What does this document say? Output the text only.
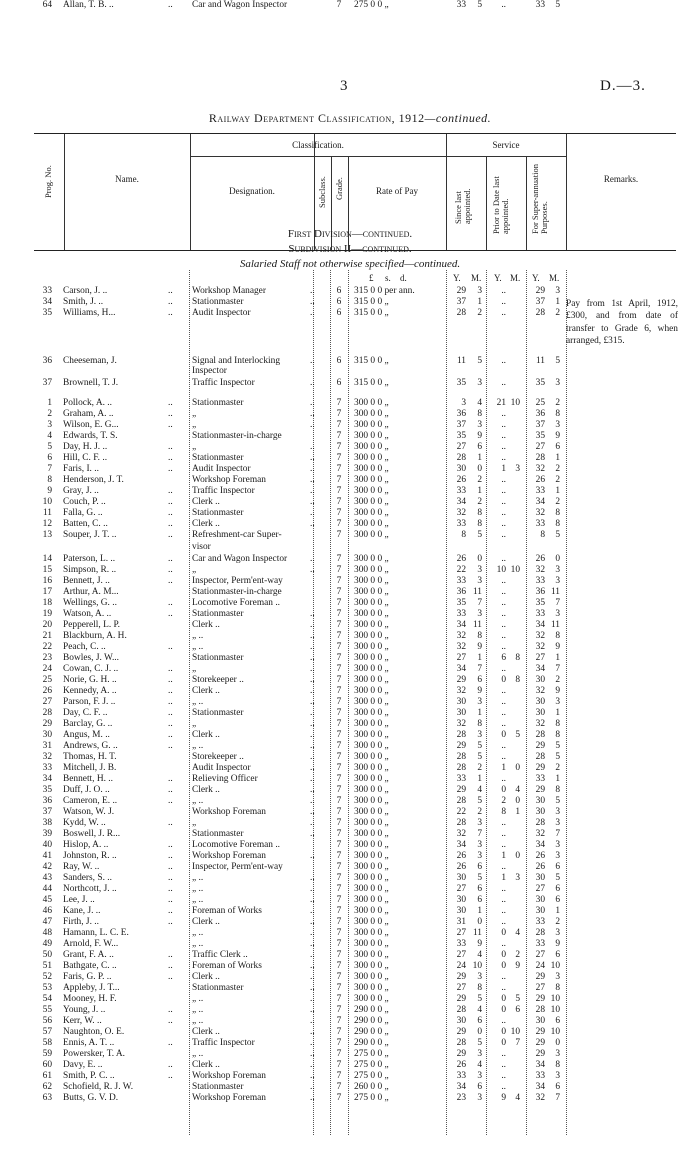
3	D.—3.
Railway Department Classification, 1912—continued.
Classification.	Service
Name.
Designation.	Rate of Pay
Remarks.
Prog. No.	Subclass. Grade.
Since last appointed. Prior to Date last appointed. For Super-annuation Purposes.
First Division—continued.
Subdivision II—continued.
Salaried Staff not otherwise specified—continued.
£ s. d.	Y. M. Y. M. Y. M.
33 Carson, J. ..	.. Workshop Manager	..	6	315 0 0 per ann.	29	3	..	29	3
34 Smith, J. ..	.. Stationmaster	..	6	315 0 0 „	37	1	..	37	1
35 Williams, H...	.. Audit Inspector	..	6	315 0 0 „	28	2	..	28	2
36 Cheeseman, J.	Signal and Interlocking	..	6	315 0 0 „	11	5	..	11	5
Inspector
37 Brownell, T. J.	Traffic Inspector	..	6	315 0 0 „	35	3	..	35	3
1 Pollock, A. ..	.. Stationmaster	..	7	300 0 0 „	3	4	21 10	25	2
2 Graham, A. ..	.. „	..	7	300 0 0 „	36	8	..	36	8
3 Wilson, E. G...	.. „	..	7	300 0 0 „	37	3	..	37	3
4 Edwards, T. S.	Stationmaster-in-charge	7	300 0 0 „	35	9	..	35	9
5 Day, H. J. ..	.. „	..	7	300 0 0 „	27	6	..	27	6
6 Hill, C. F. ..	.. Stationmaster	..	7	300 0 0 „	28	1	..	28	1
7 Faris, I. ..	.. Audit Inspector	..	7	300 0 0 „	30	0	1 3	32	2
8 Henderson, J. T.	Workshop Foreman	..	7	300 0 0 „	26	2	..	26	2
9 Gray, J. ..	.. Traffic Inspector	..	7	300 0 0 „	33	1	..	33	1
10 Couch, P. ..	.. Clerk ..	..	7	300 0 0 „	34	2	..	34	2
11 Falla, G. ..	.. Stationmaster	..	7	300 0 0 „	32	8	..	32	8
12 Batten, C. ..	.. Clerk ..	..	7	300 0 0 „	33	8	..	33	8
13 Souper, J. T. ..	.. Refreshment-car Super-	7	300 0 0 „	8	5	..	8	5
visor
14 Paterson, L. ..	.. Car and Wagon Inspector ..	7	300 0 0 „	26	0	..	26	0
15 Simpson, R. ..	.. „	..	7	300 0 0 „	22	3	10 10	32	3
16 Bennett, J. ..	.. Inspector, Perm'ent-way	7	300 0 0 „	33	3	..	33	3
17 Arthur, A. M...	Stationmaster-in-charge	7	300 0 0 „	36 11	..	36 11
18 Wellings, G. ..	.. Locomotive Foreman ..	7	300 0 0 „	35	7	..	35	7
19 Watson, A. ..	.. Stationmaster	..	7	300 0 0 „	33	3	..	33	3
20 Pepperell, L. P.	Clerk ..	..	7	300 0 0 „	34 11	..	34 11
21 Blackburn, A. H.	„ ..	..	7	300 0 0 „	32	8	..	32	8
22 Peach, C. ..	.. „ ..	..	7	300 0 0 „	32	9	..	32	9
23 Bowles, J. W...	Stationmaster	..	7	300 0 0 „	27	1	6 8	27	1
24 Cowan, C. J. ..	.. „	..	7	300 0 0 „	34	7	..	34	7
25 Norie, G. H. ..	.. Storekeeper ..	..	7	300 0 0 „	29	6	0 8	30	2
26 Kennedy, A. ..	.. Clerk ..	..	7	300 0 0 „	32	9	..	32	9
27 Parson, F. J. ..	.. „ ..	..	7	300 0 0 „	30	3	..	30	3
28 Day, C. F. ..	.. Stationmaster	..	7	300 0 0 „	30	1	..	30	1
29 Barclay, G. ..	.. „	..	7	300 0 0 „	32	8	..	32	8
30 Angus, M. ..	.. Clerk ..	..	7	300 0 0 „	28	3	0 5	28	8
31 Andrews, G. ..	.. „ ..	..	7	300 0 0 „	29	5	..	29	5
32 Thomas, H. T.	Storekeeper ..	..	7	300 0 0 „	28	5	..	28	5
33 Mitchell, J. B.	Audit Inspector	..	7	300 0 0 „	28	2	1 0	29	2
34 Bennett, H. ..	.. Relieving Officer	..	7	300 0 0 „	33	1	..	33	1
35 Duff, J. O. ..	.. Clerk ..	..	7	300 0 0 „	29	4	0 4	29	8
36 Cameron, E. ..	.. „ ..	..	7	300 0 0 „	28	5	2 0	30	5
37 Watson, W. J.	Workshop Foreman	..	7	300 0 0 „	22	2	8 1	30	3
38 Kydd, W. ..	.. „	..	7	300 0 0 „	28	3	..	28	3
39 Boswell, J. R...	Stationmaster	..	7	300 0 0 „	32	7	..	32	7
40 Hislop, A. ..	.. Locomotive Foreman ..	7	300 0 0 „	34	3	..	34	3
41 Johnston, R. ..	.. Workshop Foreman	..	7	300 0 0 „	26	3	1 0	26	3
42 Ray, W. ..	.. Inspector, Perm'ent-way	7	300 0 0 „	26	6	..	26	6
43 Sanders, S. ..	.. „ ..	..	7	300 0 0 „	30	5	1 3	30	5
44 Northcott, J. ..	.. „ ..	..	7	300 0 0 „	27	6	..	27	6
45 Lee, J. ..	.. „ ..	..	7	300 0 0 „	30	6	..	30	6
46 Kane, J. ..	.. Foreman of Works	..	7	300 0 0 „	30	1	..	30	1
47 Firth, J. ..	.. Clerk ..	..	7	300 0 0 „	31	0	..	33	2
48 Hamann, L. C. E.	„ ..	..	7	300 0 0 „	27 11	0 4	28	3
49 Arnold, F. W...	„ ..	..	7	300 0 0 „	33	9	..	33	9
50 Grant, F. A. ..	.. Traffic Clerk ..	..	7	300 0 0 „	27	4	0 2	27	6
51 Bathgate, C. ..	.. Foreman of Works	..	7	300 0 0 „	24 10	0 9	24 10
52 Faris, G. P. ..	.. Clerk ..	..	7	300 0 0 „	29	3	..	29	3
53 Appleby, J. T...	Stationmaster	..	7	300 0 0 „	27	8	..	27	8
54 Mooney, H. F.	„ ..	..	7	300 0 0 „	29	5	0 5	29 10
55 Young, J. ..	.. „ ..	..	7	290 0 0 „	28	4	0 6	28 10
56 Kerr, W. ..	.. „ ..	..	7	290 0 0 „	30	6	..	30	6
57 Naughton, O. E.	Clerk ..	..	7	290 0 0 „	29	0	0 10	29 10
58 Ennis, A. T. ..	.. Traffic Inspector	..	7	290 0 0 „	28	5	0 7	29	0
59 Powersker, T. A.	„ ..	..	7	275 0 0 „	29	3	..	29	3
60 Davy, E. ..	.. Clerk ..	..	7	275 0 0 „	26	4	..	34	8
61 Smith, P. C. ..	.. Workshop Foreman	..	7	275 0 0 „	33	3	..	33	3
62 Schofield, R. J. W.	Stationmaster	..	7	260 0 0 „	34	6	..	34	6
63 Butts, G. V. D.	Workshop Foreman	..	7	275 0 0 „	23	3	9 4	32	7
64 Allan, T. B. ..	.. Car and Wagon Inspector	7	275 0 0 „	33	5	..	33	5
Pay from 1st April, 1912, £300, and from date of transfer to Grade 6, when arranged, £315.
